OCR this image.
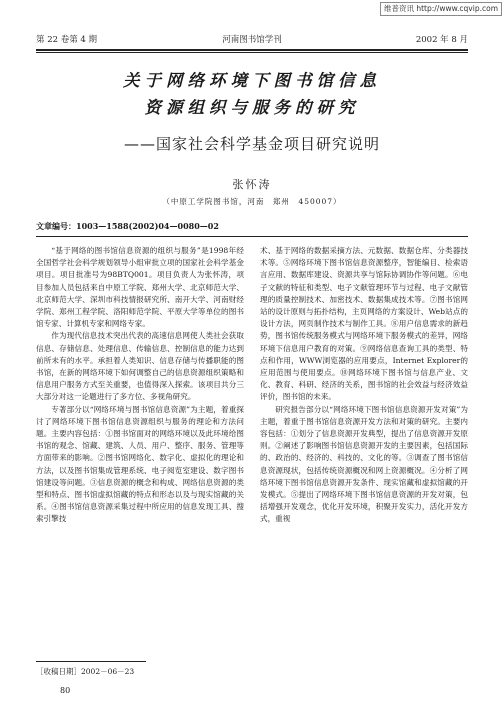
维普资讯 http://www.cqvip.com
第 22 卷第 4 期	河南图书馆学刊	2002 年 8 月
关于网络环境下图书馆信息
资源组织与服务的研究
——国家社会科学基金项目研究说明
张怀涛
（中原工学院图书馆，河南　郑州　450007）
文章编号：1003—1588(2002)04—0080—02

“基于网络的图书馆信息资源的组织与服务”是1998年经全国哲学社会科学规划领导小组审批立项的国家社会科学基金项目。项目批准号为98BTQ001。项目负责人为张怀涛，项目参加人员包括来自中原工学院、郑州大学、北京师范大学、北京师范大学、深圳市科技情报研究所、南开大学、河南财经学院、郑州工程学院、洛阳师范学院、平原大学等单位的图书馆专家、计算机专家和网络专家。

作为现代信息技术突出代表的高速信息网使人类社会获取信息、存储信息、处理信息、传输信息、控制信息的能力达到前所未有的水平。承担着人类知识、信息存储与传播职能的图书馆，在新的网络环境下如何调整自己的信息资源组织策略和信息用户服务方式至关重要，也值得深入探索。该项目共分三大部分对这一论题进行了多方位、多视角研究。

专著部分以“网络环境与图书馆信息资源”为主题，着重探讨了网络环境下图书馆信息资源组织与服务的理论和方法问题。主要内容包括：①图书馆面对的网络环境以及此环境给图书馆的观念、馆藏、建筑、人员、用户、整序、服务、管理等方面带来的影响。②图书馆网络化、数字化、虚拟化的理论和方法，以及图书馆集成管理系统、电子阅览室建设、数字图书馆建设等问题。③信息资源的概念和构成、网络信息资源的类型和特点、图书馆虚拟馆藏的特点和形态以及与现实馆藏的关系。④图书馆信息资源采集过程中所应用的信息发现工具、搜索引擎技

术、基于网络的数据采摘方法、元数据、数据仓库、分类器技术等。⑤网络环境下图书馆信息资源整序，智能编目、检索语言应用、数据库建设、资源共享与馆际协调协作等问题。⑥电子文献的特征和类型、电子文献管理环节与过程、电子文献管理的质量控制技术、加密技术、数据集成技术等。⑦图书馆网站的设计原则与拓扑结构，主页网络的方案设计、Web站点的设计方法，网页制作技术与制作工具。⑧用户信息需求的新趋势，图书馆传统服务模式与网络环境下服务模式的差异，网络环境下信息用户教育的对策。⑨网络信息查询工具的类型、特点和作用，WWW浏览器的应用要点，Internet Explorer的应用范围与使用要点。⑩网络环境下图书馆与信息产业、文化、教育、科研、经济的关系，图书馆的社会效益与经济效益评价，图书馆的未来。

研究报告部分以“网络环境下图书馆信息资源开发对策”为主题，着重于图书馆信息资源开发方法和对策的研究。主要内容包括：①划分了信息资源开发典型，提出了信息资源开发原则。②阐述了影响图书馆信息资源开发的主要因素，包括国际的、政治的、经济的、科技的、文化的等。③调查了图书馆信息资源现状，包括传统资源概况和网上资源概况。④分析了网络环境下图书馆信息资源开发条件、现实馆藏和虚拟馆藏的开发模式。⑤提出了网络环境下图书馆信息资源的开发对策，包括增强开发观念，优化开发环境，积聚开发实力，活化开发方式，重视

［收稿日期］2002－06－23
80
